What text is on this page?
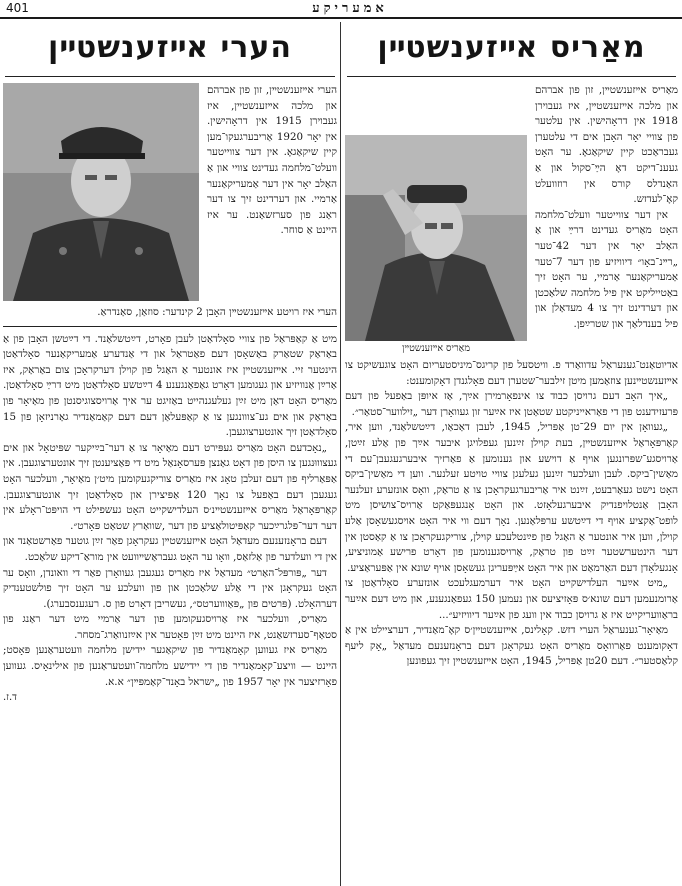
401	אמעריקע
מאַריס אײזענשטײן
מאַריס אײזענשטײן

מאַריס אײזענשטײן, זון פון אברהם און מלכה אײזענשטײן, איז געבוירן 1918 אין דראָהישין. אין עלטער פון צוויי יאָר האָבן אים די עלטערן געבראַכט קיין שיקאַגאָ. ער האָט געענ־דיקט דאָ הײַ־סקול און אַ האַנדלס קורס אין רוזוועלט קאָ־לעדזש.

אין דער צווייטער וועלט־מלחמה האָט מאַריס געדינט דרײַ און אַ האַלב יאָר אין דער 42־טער „רײנ־באָו״ דיוויזיע פון דער 7־טער אַמעריקאַנער אַרמיי, ער האָט זיך באַטייליקט אין פיל מלחמה שלאַכטן און דערדינט זיך צו 4 מעדאַלן און פיל בענדלאַך און שטרײַפן.

אדיוטאַנט־גענעראַל עדוואַרד פ. וויטסעל פון קריגס־מיניסטעריום האָט צוגעשיקט צו אײזענשטײנען צוזאַמען מיטן זילבער־שטערן דעם פאָלגנדן דאָקומענט:

„איך האָב דעם גרויסן כבוד צו אינפאָרמירן אײַך, אַז איופּן באַפעל פון דעם פּרעזידענט פון די פאַראייניקטע שטאַטן איז אײַער זון געוואָרן דער „זילווער־סטאַר״.

„געוואָן אין יום 29־טן אַפּריל, 1945, לעבן דאַכאַו, דײַטשלאַנד, ווען איר, קאַרפּאָראַל אײזענשטײן, בעת קוילן זײַנען געפלויגן איבער אײַך פון אַלע זײַטן, אַרויסגע־שפּרונגען אויף אַ דוישע און גענומען אַ פאַרזיך איבערגעגעבן־עם די מאַשין־ביקס. לעבן וועלכער זײַנען געלעגן צוויי טויטע זעלנער. ווען די מאַשין־ביקס האָט נישט געאַרבעט, זײַנט איר אַריבערגעקראָכן צו אַ טראַק, וואָס אונזערע זעלנער האָבן אַנטלויפנדיק איבערגעלאָזט. און האָט אָנגעפּאַקט אַרויס־צושיסן מיט לופט־אַקציע אויף די דײַטשע ערפּלאַנען. נאָך דעם ווי איר האָט אויסגעשאָסן אַלע קוילן, ווען איר אונטער אַ האַגל פון פײַנטלעכע קוילן, צוריקגעקראָכן צו אַ קאַסטן אין דער הינטערשטער זײַט פון טראַק, אַרויסגענומען פון דאָרט פרישע אַמוניציע, אָנגעלאָדן דעם האַרמאַט און איר האָט אײַפּעריגן געשאָסן אויף שונא אין אַפּעראַציע.

„מיט אײַער העלדישקייט האָט איר דערמעגלעכט אונזערע סאָלדאַטן צו אַרומנעמען דעם שונא׳ס פּאָזיציעס און נעמען 150 געפאַנגענע, און מיט דעם אײַער בראַוועריקייט איז אַ גרויסן כבוד אין וועג פון אײַער דיוויזיע״...

מאַיאָר־גענעראַל הערי דזש. קאָלינס, אײזענשטײן׳ס קאָ־מאַנדיר, דערציילט אין אַ דאָקומענט פאַרוואָס מאַריס האָט געקראָגן דעם בראָנזענעם מעדאַל „אָק ליעף קלאַסטער״. דעם 20טן אַפּריל, 1945, האָט אײזענשטײן זיך געפונען

הערי אײזענשטײן

הערי אײזענשטײן, זון פון אברהם און מלכה אײזענשטײן, איז געבוירן 1915 אין דראָהישין. אין יאָר 1920 אַריבערגעקו־מען קיין שיקאַגאָ. אין דער צווייטער וועלט־מלחמה געדינט צוויי און אַ האַלב יאָר אין דער אַמעריקאַנער אַרמיי. און דערדינט זיך צו דער ראַנג פון סערזשאַנט. ער איז היינט אַ סוחר.

הערי איז רויטע אײזענשטײן האָבן 2 קינדער: סוזאַן, סאַנדראַ.

מיט אַ קאַפּראַל פון צוויי סאָלדאַטן לעבן פאָרט, דײַטשלאַנד. די דײַטשן האָבן פון אַ באַראַק שטאַרק באַשאָסן דעם פאַטראַל און די אַנדערע אַמעריקאַנער סאָלדאַטן הינטער זיי. אײזענשטײן איז אונטער אַ האַגל פון קוילן דערקראָכן צום באַראַק, איז אַרײַן אַנוויזיע און געגומען דאָרט גאַפאַנגענע 4 דײַטשע סאָלדאַטן מיט דרײַ סאָלדאַטן. מאַריס האָט דאַן מיט זײַן געלעגנהייט באַזיגט ער איך אַרויסצוגיסנטן פון מאַיאָר פון באַראַק און אים גע־צווונגען צו אַ קאַפּעלאַן דעם דעם קאַמאַנדיר גאַרניזאָן פון 15 סאָלדאַטן זיך אונטערצוגעבן.

„נאָכדעם האָט מאַריס געפּירט דעם מאַיאָר צו אַ דער־בײַיקער שפּיטאָל און אים געצוווּנגען צו היסן פון דאָט גאַנצן פּערסאָנאַל מיט די פּאַציענטן זיך אונטערצוגעבן. אין אַפּאַרליף פון דעם זעלבן טאָג איז מאַריס צוריקגעקומען מיט׳ן מאַיאָר, וועלכער האָט געגעבן דעם באַפעל צו נאָך 120 אַפּיצירן און סאָלדאַטן זיך אונטערצוגעבן. קאַרפּאָראַל מאַריס אײזענשטײנ׳ס העלדישקייט האָט געשפילט די הויפּט־ראָלע אין דער דער־פּלגרײַכער קאַפּיטולאַציע פון דער ,שוואַרץ שטאַט פּאָרט״.

דעם בראָנזענעם מעדאַל האָט אײזענשטײן געקראָגן פאַר זײַן גוטער פאַרשטאַנד און אין די וועלדער פון אַלזאַס, וואָו ער האָט געבראַשײוועט אין מוראַ־דיקע שלאַכט.

דער „פּורפּל־האַרט״ מעדאַל איז מאַריס געגעבן געוואָרן פאַר די וואונדן, וואָס ער האָט געקראָגן אין די אַלע שלאַכטן און פון וועלכע ער האָט זיך פולשטענדיק דערהאָלט. (פּרטים פון „פּאַוווערטס״, געשריבן דאָרט פון ס. רעגענסבערג).

מאַריס, וועלכער איז אַרויסגעקומען פון דער אַרמיי מיט דער ראַנג פון סטאַף־סערזשאַנט, איז היינט מיט זײַן פאָטער אין אײַזנוואַרג־מסחר.

מאַריס איז געווען קאָמאַנדיר פון שיקאַגער יידישן מלחמה וועטעראַנען פּאָסט; היינט — וויצע־קאָמאַנדיר פון די יידישע מלחמה־וועטעראַנען פון אילינאָיס. געווען פאָרזיצער אין יאָר 1957 פון „ישראל באָנד־קאַמפּײן״ א.א.

ד.ז.
